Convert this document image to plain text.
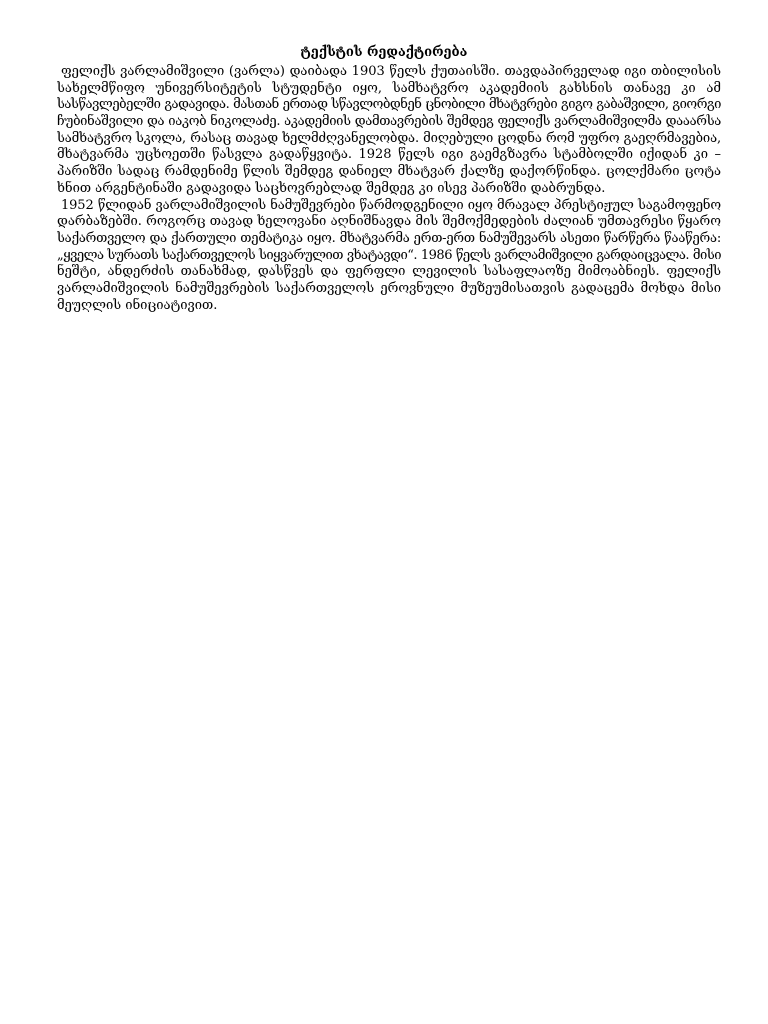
ტექსტის რედაქტირება
ფელიქს ვარლამიშვილი (ვარლა) დაიბადა 1903 წელს ქუთაისში. თავდაპირველად იგი თბილისის
სახელმწიფო უნივერსიტეტის სტუდენტი იყო, სამხატვრო აკადემიის გახსნის თანავე კი ამ
სასწავლებელში გადავიდა. მასთან ერთად სწავლობდნენ ცნობილი მხატვრები გიგო გაბაშვილი, გიორგი
ჩუბინაშვილი და იაკობ ნიკოლაძე. აკადემიის დამთავრების შემდეგ ფელიქს ვარლამიშვილმა დააარსა
სამხატვრო სკოლა, რასაც თავად ხელმძღვანელობდა. მიღებული ცოდნა რომ უფრო გაეღრმავებია,
მხატვარმა უცხოეთში წასვლა გადაწყვიტა. 1928 წელს იგი გაემგზავრა სტამბოლში იქიდან კი –
პარიზში სადაც რამდენიმე წლის შემდეგ დანიელ მხატვარ ქალზე დაქორწინდა. ცოლქმარი ცოტა
ხნით არგენტინაში გადავიდა საცხოვრებლად შემდეგ კი ისევ პარიზში დაბრუნდა.
1952 წლიდან ვარლამიშვილის ნამუშევრები წარმოდგენილი იყო მრავალ პრესტიჟულ საგამოფენო
დარბაზებში. როგორც თავად ხელოვანი აღნიშნავდა მის შემოქმედების ძალიან უმთავრესი წყარო
საქართველო და ქართული თემატიკა იყო. მხატვარმა ერთ-ერთ ნამუშევარს ასეთი წარწერა წააწერა:
„ყველა სურათს საქართველოს სიყვარულით ვხატავდი“. 1986 წელს ვარლამიშვილი გარდაიცვალა. მისი
ნეშტი, ანდერძის თანახმად, დასწვეს და ფერფლი ლევილის სასაფლაოზე მიმოაბნიეს. ფელიქს
ვარლამიშვილის ნამუშევრების საქართველოს ეროვნული მუზეუმისათვის გადაცემა მოხდა მისი
მეუღლის ინიციატივით.
